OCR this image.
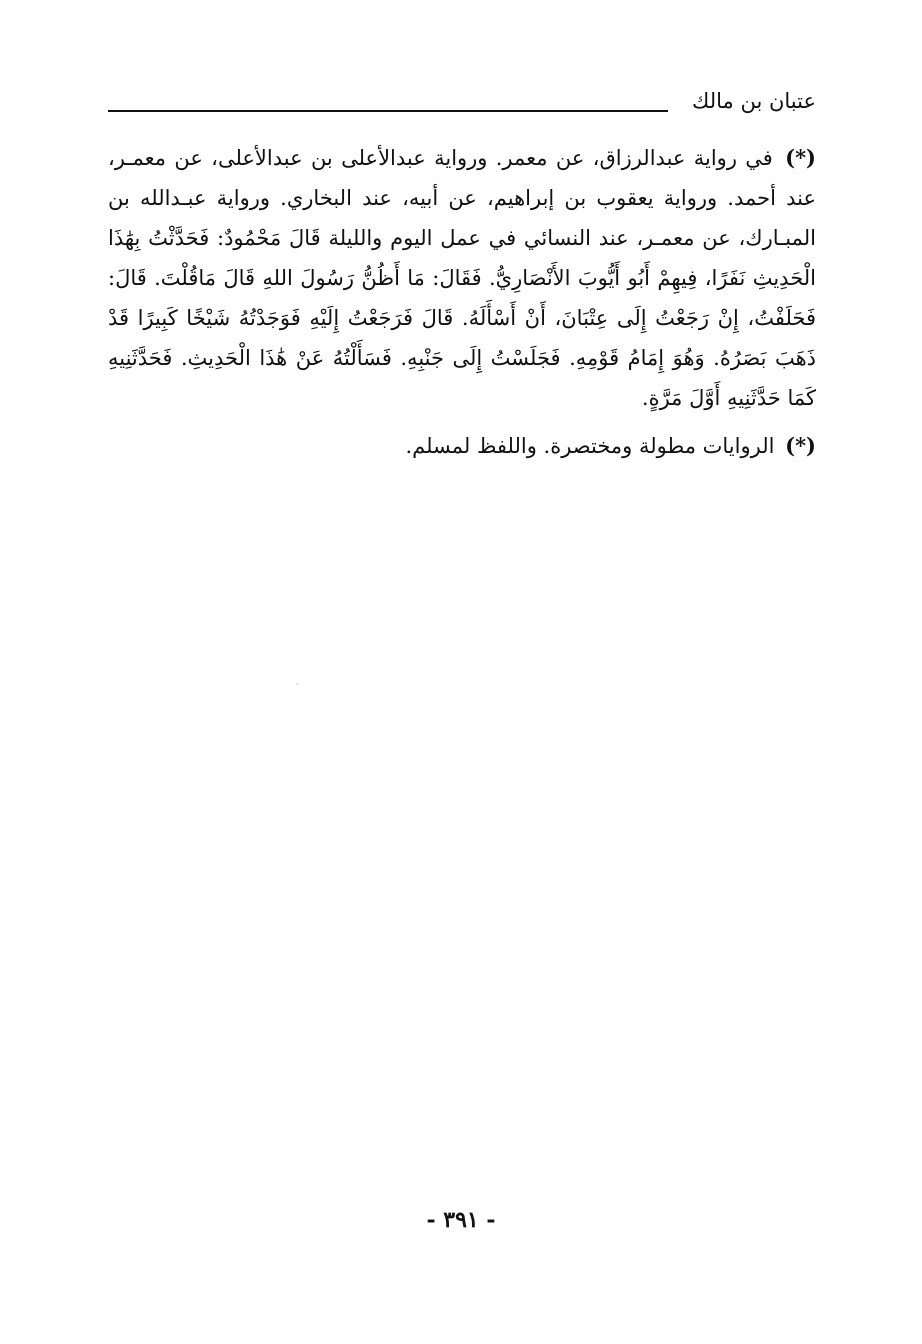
عتبان بن مالك

(*) في رواية عبدالرزاق، عن معمر. ورواية عبدالأعلى بن عبدالأعلى، عن معمـر، عند أحمد. ورواية يعقوب بن إبراهيم، عن أبيه، عند البخاري. ورواية عبـدالله بن المبـارك، عن معمـر، عند النسائي في عمل اليوم والليلة قَالَ مَحْمُودٌ: فَحَدَّثْتُ بِهَٰذَا الْحَدِيثِ نَفَرًا، فِيهِمْ أَبُو أَيُّوبَ الأَنْصَارِيُّ. فَقَالَ: مَا أَظُنُّ رَسُولَ اللهِ قَالَ مَاقُلْتَ. قَالَ: فَحَلَفْتُ، إِنْ رَجَعْتُ إِلَى عِتْبَانَ، أَنْ أَسْأَلَهُ. قَالَ فَرَجَعْتُ إِلَيْهِ فَوَجَدْتُهُ شَيْخًا كَبِيرًا قَدْ ذَهَبَ بَصَرُهُ. وَهُوَ إِمَامُ قَوْمِهِ. فَجَلَسْتُ إِلَى جَنْبِهِ. فَسَأَلْتُهُ عَنْ هَٰذَا الْحَدِيثِ. فَحَدَّثَنِيهِ كَمَا حَدَّثَنِيهِ أَوَّلَ مَرَّةٍ.

(*) الروايات مطولة ومختصرة. واللفظ لمسلم.

- ٣٩١ -
